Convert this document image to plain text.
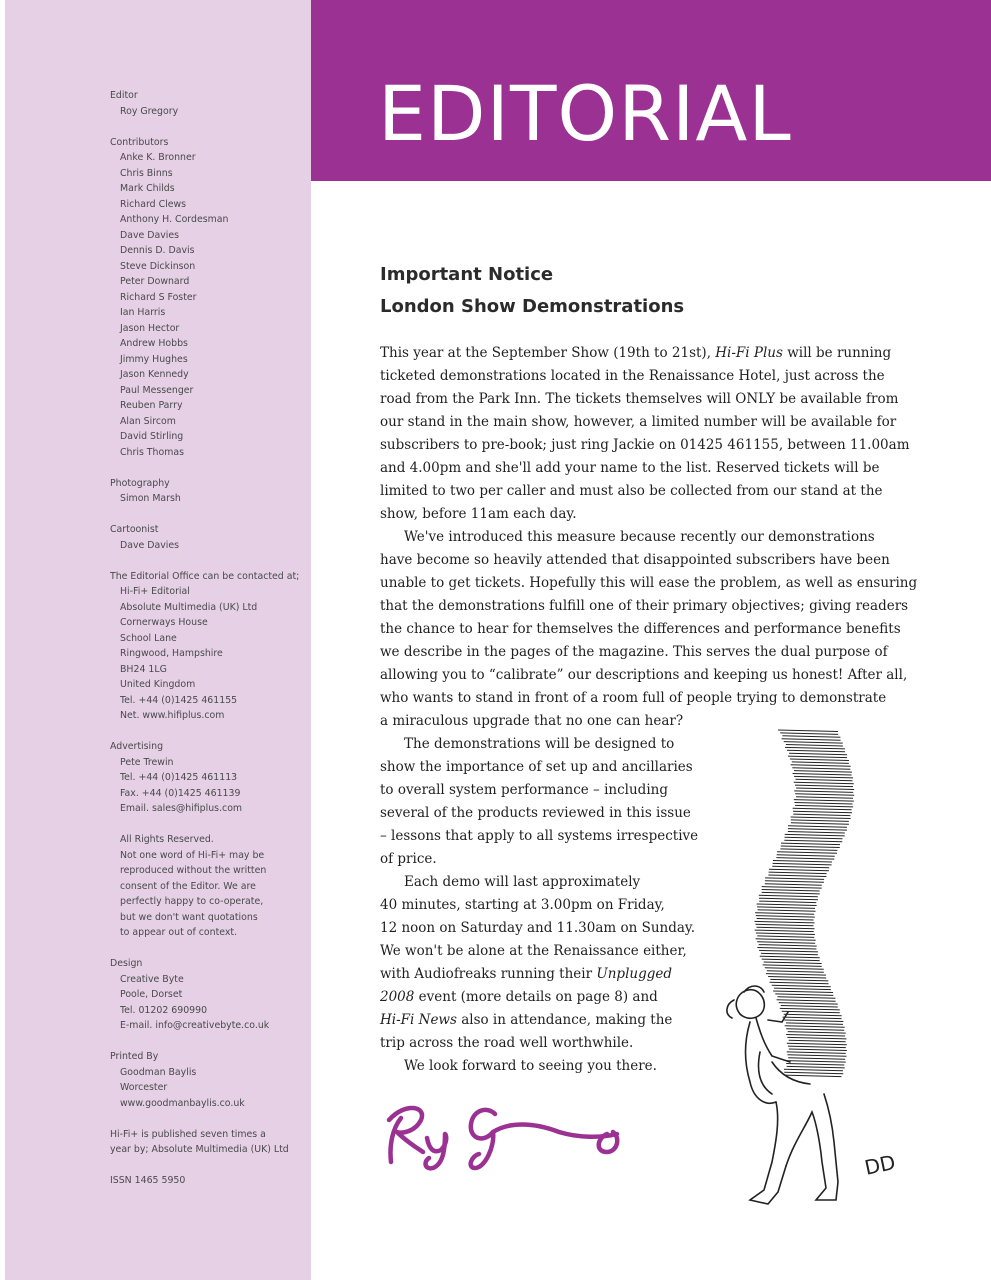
EDITORIAL
Editor
Roy Gregory
Contributors
Anke K. Bronner
Chris Binns
Mark Childs
Richard Clews
Anthony H. Cordesman
Dave Davies
Dennis D. Davis
Steve Dickinson
Peter Downard
Richard S Foster
Ian Harris
Jason Hector
Andrew Hobbs
Jimmy Hughes
Jason Kennedy
Paul Messenger
Reuben Parry
Alan Sircom
David Stirling
Chris Thomas
Photography
Simon Marsh
Cartoonist
Dave Davies
The Editorial Office can be contacted at;
Hi-Fi+ Editorial
Absolute Multimedia (UK) Ltd
Cornerways House
School Lane
Ringwood, Hampshire
BH24 1LG
United Kingdom
Tel. +44 (0)1425 461155
Net. www.hifiplus.com
Advertising
Pete Trewin
Tel. +44 (0)1425 461113
Fax. +44 (0)1425 461139
Email. sales@hifiplus.com
All Rights Reserved.
Not one word of Hi-Fi+ may be
reproduced without the written
consent of the Editor. We are
perfectly happy to co-operate,
but we don't want quotations
to appear out of context.
Design
Creative Byte
Poole, Dorset
Tel. 01202 690990
E-mail. info@creativebyte.co.uk
Printed By
Goodman Baylis
Worcester
www.goodmanbaylis.co.uk
Hi-Fi+ is published seven times a
year by; Absolute Multimedia (UK) Ltd
ISSN 1465 5950
Important Notice
London Show Demonstrations

This year at the September Show (19th to 21st), Hi-Fi Plus will be running

ticketed demonstrations located in the Renaissance Hotel, just across the

road from the Park Inn. The tickets themselves will ONLY be available from

our stand in the main show, however, a limited number will be available for

subscribers to pre-book; just ring Jackie on 01425 461155, between 11.00am

and 4.00pm and she'll add your name to the list. Reserved tickets will be

limited to two per caller and must also be collected from our stand at the

show, before 11am each day.

We've introduced this measure because recently our demonstrations

have become so heavily attended that disappointed subscribers have been

unable to get tickets. Hopefully this will ease the problem, as well as ensuring

that the demonstrations fulfill one of their primary objectives; giving readers

the chance to hear for themselves the differences and performance benefits

we describe in the pages of the magazine. This serves the dual purpose of

allowing you to “calibrate” our descriptions and keeping us honest! After all,

who wants to stand in front of a room full of people trying to demonstrate

a miraculous upgrade that no one can hear?

The demonstrations will be designed to

show the importance of set up and ancillaries

to overall system performance – including

several of the products reviewed in this issue

– lessons that apply to all systems irrespective

of price.

Each demo will last approximately

40 minutes, starting at 3.00pm on Friday,

12 noon on Saturday and 11.30am on Sunday.

We won't be alone at the Renaissance either,

with Audiofreaks running their Unplugged

2008 event (more details on page 8) and

Hi-Fi News also in attendance, making the

trip across the road well worthwhile.

We look forward to seeing you there.

DD
